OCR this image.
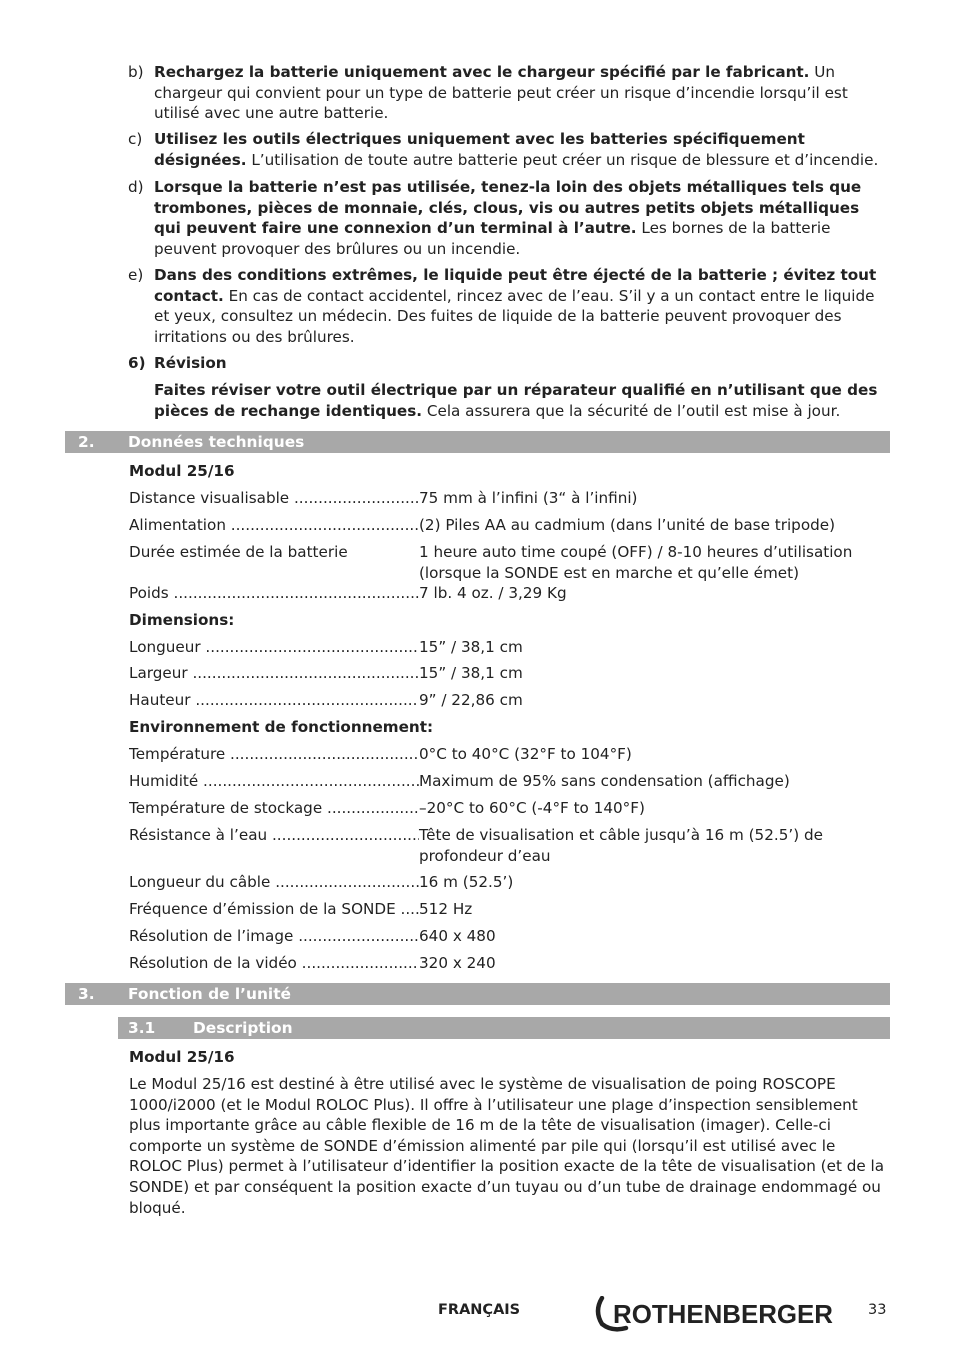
b) Rechargez la batterie uniquement avec le chargeur spécifié par le fabricant. Un chargeur qui convient pour un type de batterie peut créer un risque d’incendie lorsqu’il est utilisé avec une autre batterie.
c) Utilisez les outils électriques uniquement avec les batteries spécifiquement désignées. L’utilisation de toute autre batterie peut créer un risque de blessure et d’incendie.
d) Lorsque la batterie n’est pas utilisée, tenez-la loin des objets métalliques tels que trombones, pièces de monnaie, clés, clous, vis ou autres petits objets métalliques qui peuvent faire une connexion d’un terminal à l’autre. Les bornes de la batterie peuvent provoquer des brûlures ou un incendie.
e) Dans des conditions extrêmes, le liquide peut être éjecté de la batterie ; évitez tout contact. En cas de contact accidentel, rincez avec de l’eau. S’il y a un contact entre le liquide et yeux, consultez un médecin. Des fuites de liquide de la batterie peuvent provoquer des irritations ou des brûlures.
6) Révision
Faites réviser votre outil électrique par un réparateur qualifié en n’utilisant que des pièces de rechange identiques. Cela assurera que la sécurité de l’outil est mise à jour.
2. Données techniques
Modul 25/16
Distance visualisable .....	75 mm à l’infini (3“ à l’infini)
Alimentation .....	(2) Piles AA au cadmium (dans l’unité de base tripode)
Durée estimée de la batterie	1 heure auto time coupé (OFF) / 8-10 heures d’utilisation (lorsque la SONDE est en marche et qu’elle émet)
Poids .....	7 lb. 4 oz. / 3,29 Kg
Dimensions:
Longueur .....	15” / 38,1 cm
Largeur .....	15” / 38,1 cm
Hauteur .....	9” / 22,86 cm
Environnement de fonctionnement:
Température .....	0°C to 40°C (32°F to 104°F)
Humidité .....	Maximum de 95% sans condensation (affichage)
Température de stockage .....	–20°C to 60°C (-4°F to 140°F)
Résistance à l’eau .....	Tête de visualisation et câble jusqu’à 16 m (52.5’) de profondeur d’eau
Longueur du câble .....	16 m (52.5’)
Fréquence d’émission de la SONDE .....	512 Hz
Résolution de l’image .....	640 x 480
Résolution de la vidéo .....	320 x 240
3. Fonction de l’unité
3.1 Description
Modul 25/16
Le Modul 25/16 est destiné à être utilisé avec le système de visualisation de poing ROSCOPE 1000/i2000 (et le Modul ROLOC Plus). Il offre à l’utilisateur une plage d’inspection sensiblement plus importante grâce au câble flexible de 16 m de la tête de visualisation (imager). Celle-ci comporte un système de SONDE d’émission alimenté par pile qui (lorsqu’il est utilisé avec le ROLOC Plus) permet à l’utilisateur d’identifier la position exacte de la tête de visualisation (et de la SONDE) et par conséquent la position exacte d’un tuyau ou d’un tube de drainage endommagé ou bloqué.
FRANÇAIS	ROTHENBERGER 33
